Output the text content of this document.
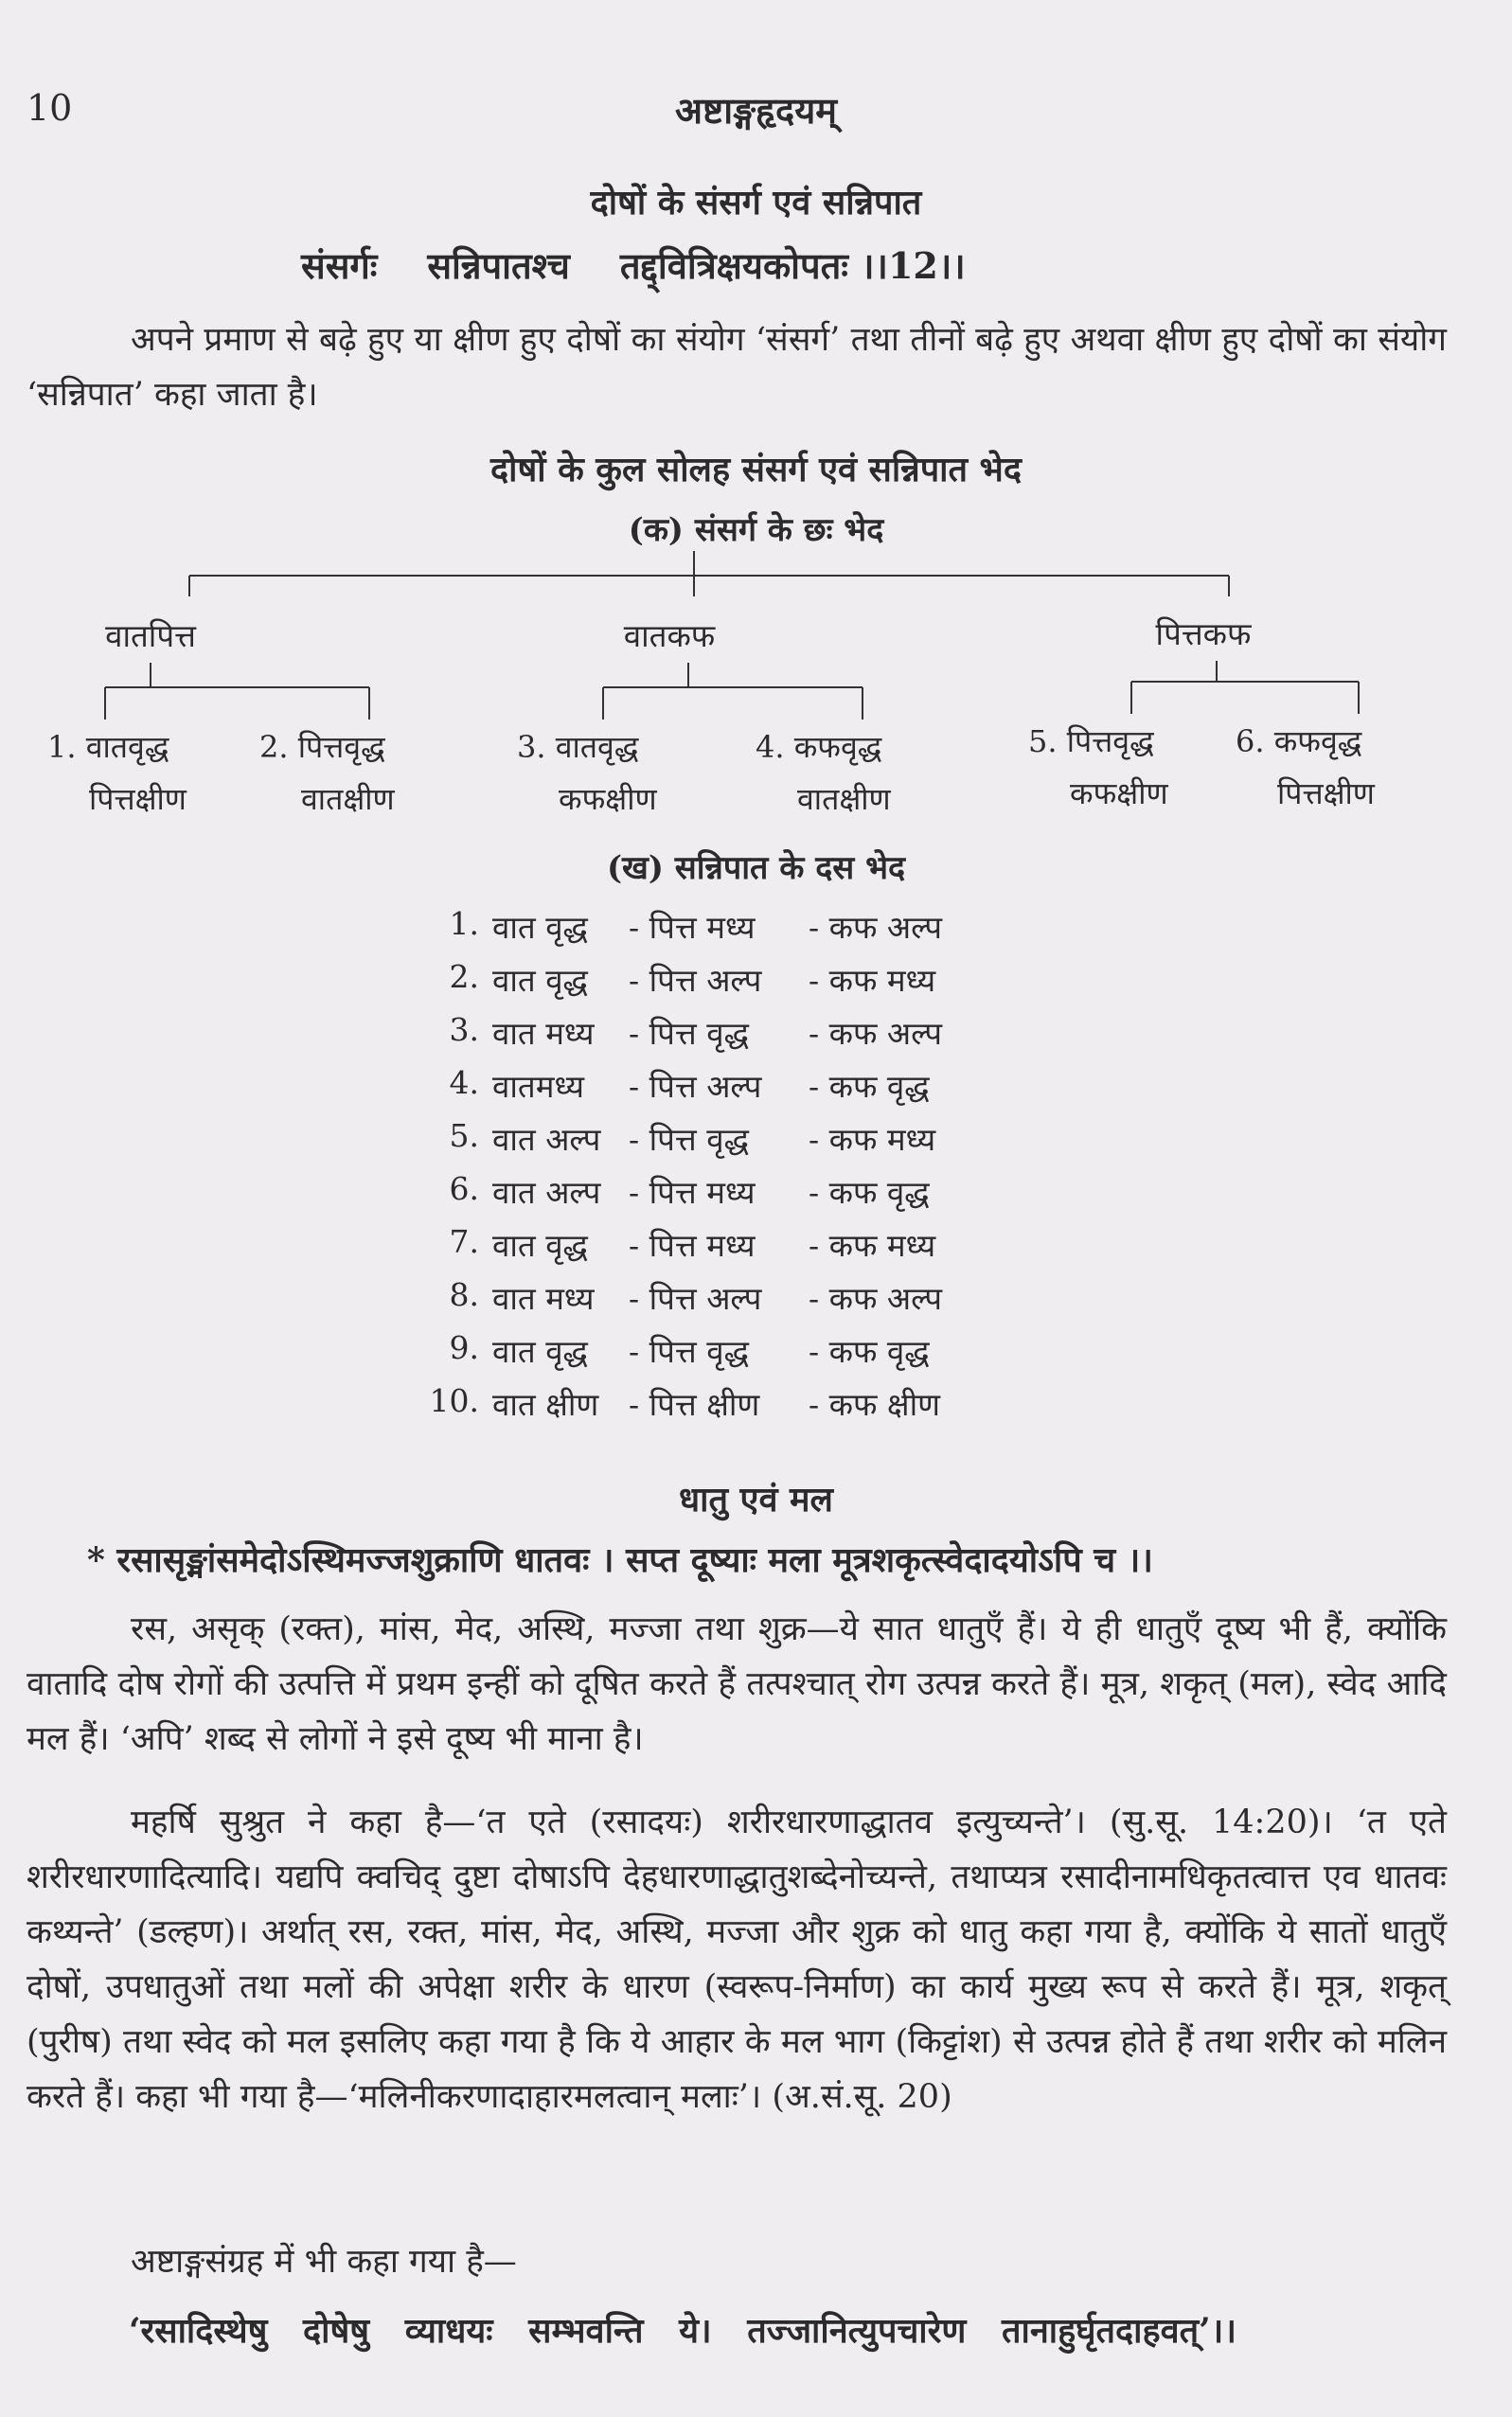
10	अष्टाङ्गहृदयम्
दोषों के संसर्ग एवं सन्निपात
संसर्गः    सन्निपातश्च    तद्द्वित्रिक्षयकोपतः ।।12।।

अपने प्रमाण से बढ़े हुए या क्षीण हुए दोषों का संयोग ‘संसर्ग’ तथा तीनों बढ़े हुए अथवा क्षीण हुए दोषों का संयोग ‘सन्निपात’ कहा जाता है।

दोषों के कुल सोलह संसर्ग एवं सन्निपात भेद
(क) संसर्ग के छः भेद
वातपित्त	वातकफ	पित्तकफ
1. वातवृद्ध
पित्तक्षीण
2. पित्तवृद्ध
वातक्षीण
3. वातवृद्ध
कफक्षीण
4. कफवृद्ध
वातक्षीण
5. पित्तवृद्ध
कफक्षीण
6. कफवृद्ध
पित्तक्षीण
(ख) सन्निपात के दस भेद
1. वात वृद्ध - पित्त मध्य - कफ अल्प
2. वात वृद्ध - पित्त अल्प - कफ मध्य
3. वात मध्य - पित्त वृद्ध - कफ अल्प
4. वातमध्य - पित्त अल्प - कफ वृद्ध
5. वात अल्प - पित्त वृद्ध - कफ मध्य
6. वात अल्प - पित्त मध्य - कफ वृद्ध
7. वात वृद्ध - पित्त मध्य - कफ मध्य
8. वात मध्य - पित्त अल्प - कफ अल्प
9. वात वृद्ध - पित्त वृद्ध - कफ वृद्ध
10. वात क्षीण - पित्त क्षीण - कफ क्षीण
धातु एवं मल
* रसासृङ्मांसमेदोऽस्थिमज्जशुक्राणि धातवः । सप्त दूष्याः मला मूत्रशकृत्स्वेदादयोऽपि च ।।

रस, असृक् (रक्त), मांस, मेद, अस्थि, मज्जा तथा शुक्र—ये सात धातुएँ हैं। ये ही धातुएँ दूष्य भी हैं, क्योंकि वातादि दोष रोगों की उत्पत्ति में प्रथम इन्हीं को दूषित करते हैं तत्पश्चात् रोग उत्पन्न करते हैं। मूत्र, शकृत् (मल), स्वेद आदि मल हैं। ‘अपि’ शब्द से लोगों ने इसे दूष्य भी माना है।

महर्षि सुश्रुत ने कहा है—‘त एते (रसादयः) शरीरधारणाद्धातव इत्युच्यन्ते’। (सु.सू. 14:20)। ‘त एते शरीरधारणादित्यादि। यद्यपि क्वचिद् दुष्टा दोषाऽपि देहधारणाद्धातुशब्देनोच्यन्ते, तथाप्यत्र रसादीनामधिकृतत्वात्त एव धातवः कथ्यन्ते’ (डल्हण)। अर्थात् रस, रक्त, मांस, मेद, अस्थि, मज्जा और शुक्र को धातु कहा गया है, क्योंकि ये सातों धातुएँ दोषों, उपधातुओं तथा मलों की अपेक्षा शरीर के धारण (स्वरूप-निर्माण) का कार्य मुख्य रूप से करते हैं। मूत्र, शकृत् (पुरीष) तथा स्वेद को मल इसलिए कहा गया है कि ये आहार के मल भाग (किट्टांश) से उत्पन्न होते हैं तथा शरीर को मलिन करते हैं। कहा भी गया है—‘मलिनीकरणादाहारमलत्वान् मलाः’। (अ.सं.सू. 20)

अष्टाङ्गसंग्रह में भी कहा गया है—

‘रसादिस्थेषु   दोषेषु   व्याधयः   सम्भवन्ति   ये।   तज्जानित्युपचारेण   तानाहुर्घृतदाहवत्’।।
